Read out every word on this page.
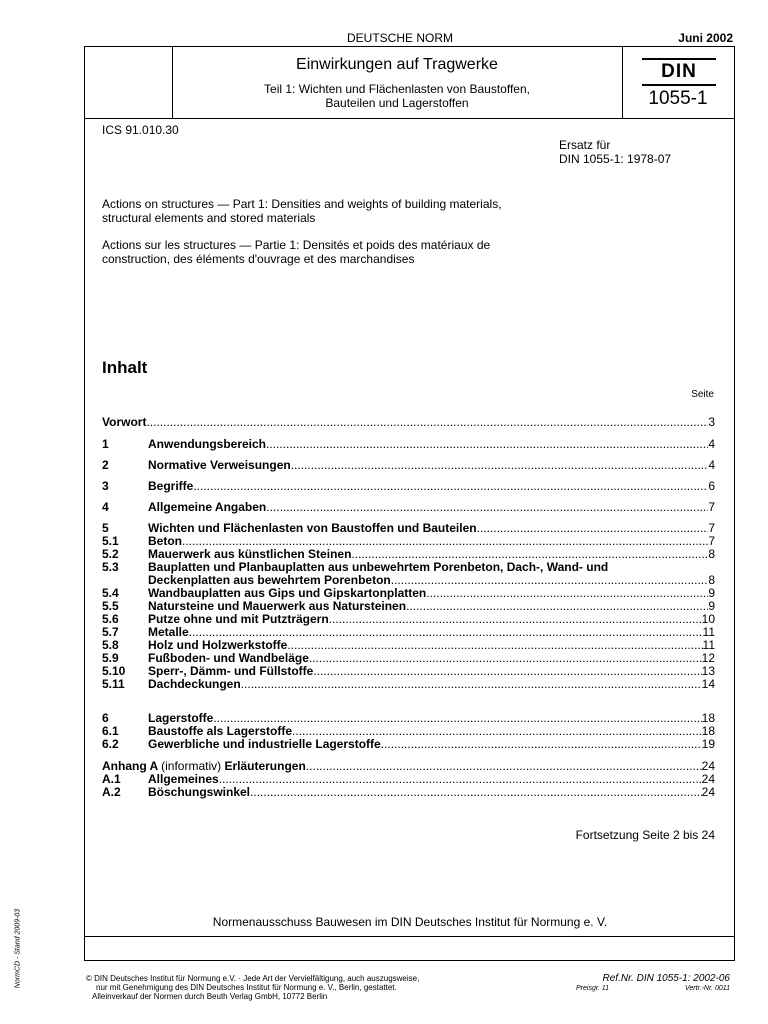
DEUTSCHE NORM	Juni 2002
Einwirkungen auf Tragwerke
Teil 1: Wichten und Flächenlasten von Baustoffen,
Bauteilen und Lagerstoffen
DIN
1055-1
ICS 91.010.30
Ersatz für
DIN 1055-1: 1978-07
Actions on structures — Part 1: Densities and weights of building materials,
structural elements and stored materials
Actions sur les structures — Partie 1: Densités et poids des matériaux de
construction, des éléments d'ouvrage et des marchandises
Inhalt
Seite
Vorwort .....	3
1	Anwendungsbereich .....	4
2	Normative Verweisungen .....	4
3	Begriffe .....	6
4	Allgemeine Angaben .....	7
5	Wichten und Flächenlasten von Baustoffen und Bauteilen .....	7
5.1	Beton .....	7
5.2	Mauerwerk aus künstlichen Steinen .....	8
5.3	Bauplatten und Planbauplatten aus unbewehrtem Porenbeton, Dach-, Wand- und
Deckenplatten aus bewehrtem Porenbeton .....	8
5.4	Wandbauplatten aus Gips und Gipskartonplatten .....	9
5.5	Natursteine und Mauerwerk aus Natursteinen .....	9
5.6	Putze ohne und mit Putzträgern .....	10
5.7	Metalle .....	11
5.8	Holz und Holzwerkstoffe .....	11
5.9	Fußboden- und Wandbeläge .....	12
5.10	Sperr-, Dämm- und Füllstoffe .....	13
5.11	Dachdeckungen .....	14
6	Lagerstoffe .....	18
6.1	Baustoffe als Lagerstoffe .....	18
6.2	Gewerbliche und industrielle Lagerstoffe .....	19
Anhang A (informativ) Erläuterungen .....	24
A.1	Allgemeines .....	24
A.2	Böschungswinkel .....	24
Fortsetzung Seite 2 bis 24
Normenausschuss Bauwesen im DIN Deutsches Institut für Normung e. V.
© DIN Deutsches Institut für Normung e.V. · Jede Art der Vervielfältigung, auch auszugsweise,
nur mit Genehmigung des DIN Deutsches Institut für Normung e. V., Berlin, gestattet.
Alleinverkauf der Normen durch Beuth Verlag GmbH, 10772 Berlin
Ref.Nr. DIN 1055-1: 2002-06
Preisgr. 11	Vertr.-Nr. 0011
NormCD - Stand 2009-03
